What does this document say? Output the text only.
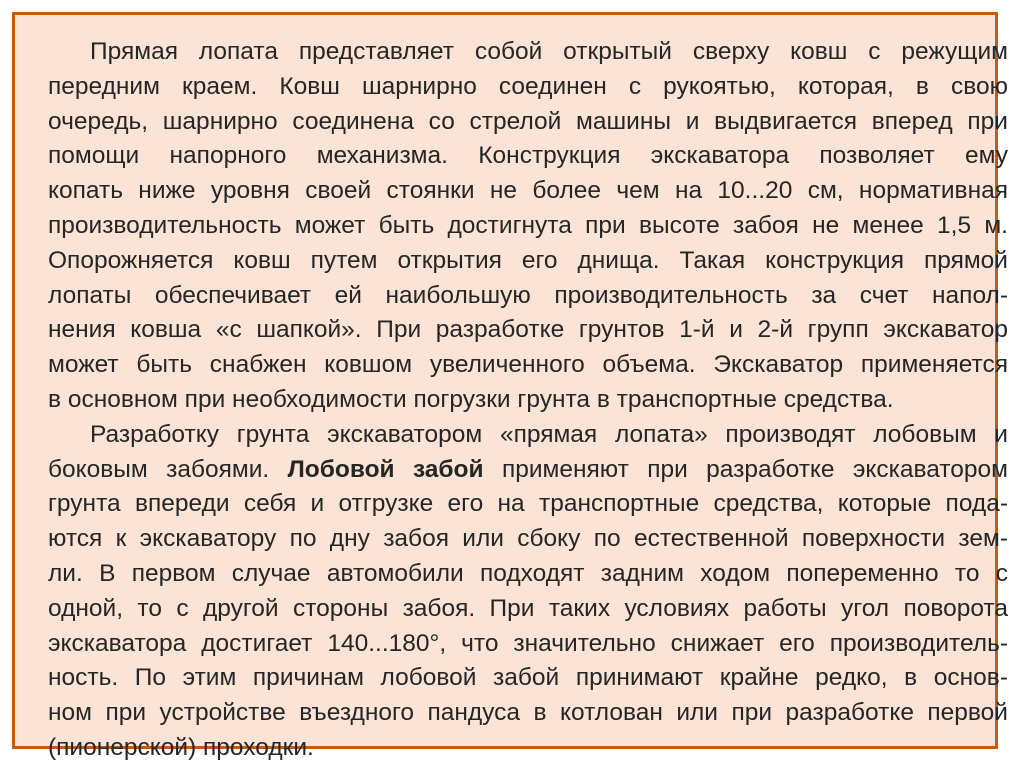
Прямая лопата представляет собой открытый сверху ковш с режущим
передним краем. Ковш шарнирно соединен с рукоятью, которая, в свою
очередь, шарнирно соединена со стрелой машины и выдвигается вперед при
помощи напорного механизма. Конструкция экскаватора позволяет ему
копать ниже уровня своей стоянки не более чем на 10...20 см, нормативная
производительность может быть достигнута при высоте забоя не менее 1,5 м.
Опорожняется ковш путем открытия его днища. Такая конструкция прямой
лопаты обеспечивает ей наибольшую производительность за счет напол-
нения ковша «с шапкой». При разработке грунтов 1-й и 2-й групп экскаватор
может быть снабжен ковшом увеличенного объема. Экскаватор применяется
в основном при необходимости погрузки грунта в транспортные средства.
Разработку грунта экскаватором «прямая лопата» производят лобовым и
боковым забоями. Лобовой забой применяют при разработке экскаватором
грунта впереди себя и отгрузке его на транспортные средства, которые пода-
ются к экскаватору по дну забоя или сбоку по естественной поверхности зем-
ли. В первом случае автомобили подходят задним ходом попеременно то с
одной, то с другой стороны забоя. При таких условиях работы угол поворота
экскаватора достигает 140...180°, что значительно снижает его производитель-
ность. По этим причинам лобовой забой принимают крайне редко, в основ-
ном при устройстве въездного пандуса в котлован или при разработке первой
(пионерской) проходки.
